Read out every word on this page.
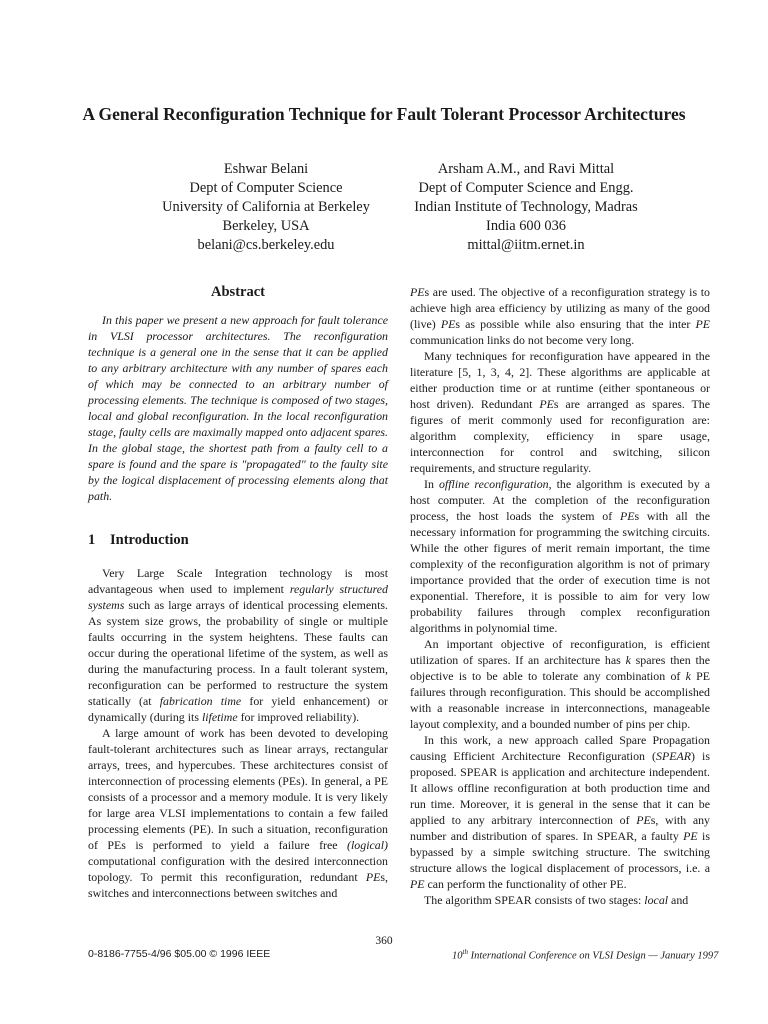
A General Reconfiguration Technique for Fault Tolerant Processor Architectures
Eshwar Belani
Dept of Computer Science
University of California at Berkeley
Berkeley, USA
belani@cs.berkeley.edu
Arsham A.M., and Ravi Mittal
Dept of Computer Science and Engg.
Indian Institute of Technology, Madras
India 600 036
mittal@iitm.ernet.in
Abstract

In this paper we present a new approach for fault tolerance in VLSI processor architectures. The reconfiguration technique is a general one in the sense that it can be applied to any arbitrary architecture with any number of spares each of which may be connected to an arbitrary number of processing elements. The technique is composed of two stages, local and global reconfiguration. In the local reconfiguration stage, faulty cells are maximally mapped onto adjacent spares. In the global stage, the shortest path from a faulty cell to a spare is found and the spare is "propagated" to the faulty site by the logical displacement of processing elements along that path.

1 Introduction

Very Large Scale Integration technology is most advantageous when used to implement regularly structured systems such as large arrays of identical processing elements. As system size grows, the probability of single or multiple faults occurring in the system heightens. These faults can occur during the operational lifetime of the system, as well as during the manufacturing process. In a fault tolerant system, reconfiguration can be performed to restructure the system statically (at fabrication time for yield enhancement) or dynamically (during its lifetime for improved reliability).

A large amount of work has been devoted to developing fault-tolerant architectures such as linear arrays, rectangular arrays, trees, and hypercubes. These architectures consist of interconnection of processing elements (PEs). In general, a PE consists of a processor and a memory module. It is very likely for large area VLSI implementations to contain a few failed processing elements (PE). In such a situation, reconfiguration of PEs is performed to yield a failure free (logical) computational configuration with the desired interconnection topology. To permit this reconfiguration, redundant PEs, switches and interconnections between switches and

PEs are used. The objective of a reconfiguration strategy is to achieve high area efficiency by utilizing as many of the good (live) PEs as possible while also ensuring that the inter PE communication links do not become very long.

Many techniques for reconfiguration have appeared in the literature [5, 1, 3, 4, 2]. These algorithms are applicable at either production time or at runtime (either spontaneous or host driven). Redundant PEs are arranged as spares. The figures of merit commonly used for reconfiguration are: algorithm complexity, efficiency in spare usage, interconnection for control and switching, silicon requirements, and structure regularity.

In offline reconfiguration, the algorithm is executed by a host computer. At the completion of the reconfiguration process, the host loads the system of PEs with all the necessary information for programming the switching circuits. While the other figures of merit remain important, the time complexity of the reconfiguration algorithm is not of primary importance provided that the order of execution time is not exponential. Therefore, it is possible to aim for very low probability failures through complex reconfiguration algorithms in polynomial time.

An important objective of reconfiguration, is efficient utilization of spares. If an architecture has k spares then the objective is to be able to tolerate any combination of k PE failures through reconfiguration. This should be accomplished with a reasonable increase in interconnections, manageable layout complexity, and a bounded number of pins per chip.

In this work, a new approach called Spare Propagation causing Efficient Architecture Reconfiguration (SPEAR) is proposed. SPEAR is application and architecture independent. It allows offline reconfiguration at both production time and run time. Moreover, it is general in the sense that it can be applied to any arbitrary interconnection of PEs, with any number and distribution of spares. In SPEAR, a faulty PE is bypassed by a simple switching structure. The switching structure allows the logical displacement of processors, i.e. a PE can perform the functionality of other PE.

The algorithm SPEAR consists of two stages: local and

360
0-8186-7755-4/96 $05.00 © 1996 IEEE	10th International Conference on VLSI Design — January 1997
